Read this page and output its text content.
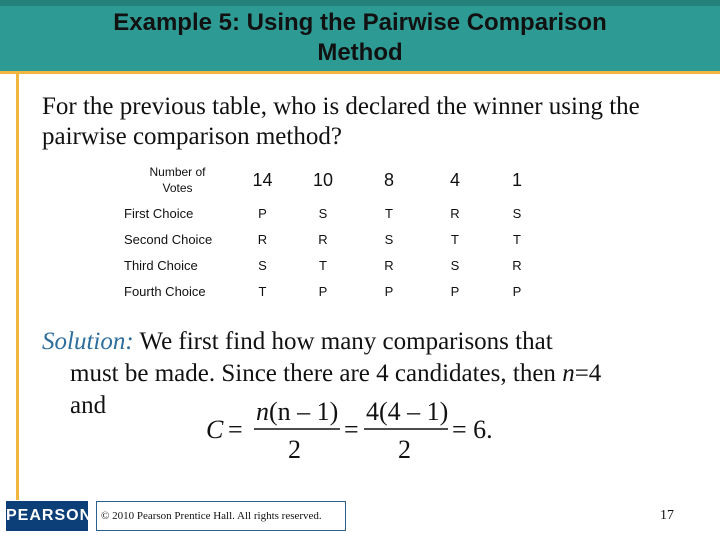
Example 5: Using the Pairwise Comparison
Method
For the previous table, who is declared the winner using the pairwise comparison method?
Number of
Votes	14	10	8	4	1
First Choice	P	S	T	R	S
Second Choice	R	R	S	T	T
Third Choice	S	T	R	S	R
Fourth Choice	T	P	P	P	P
Solution: We first find how many comparisons that
must be made. Since there are 4 candidates, then n=4
and
C =
n(n – 1)
2
=
4(4 – 1)
2
= 6.
PEARSON © 2010 Pearson Prentice Hall. All rights reserved.	17
